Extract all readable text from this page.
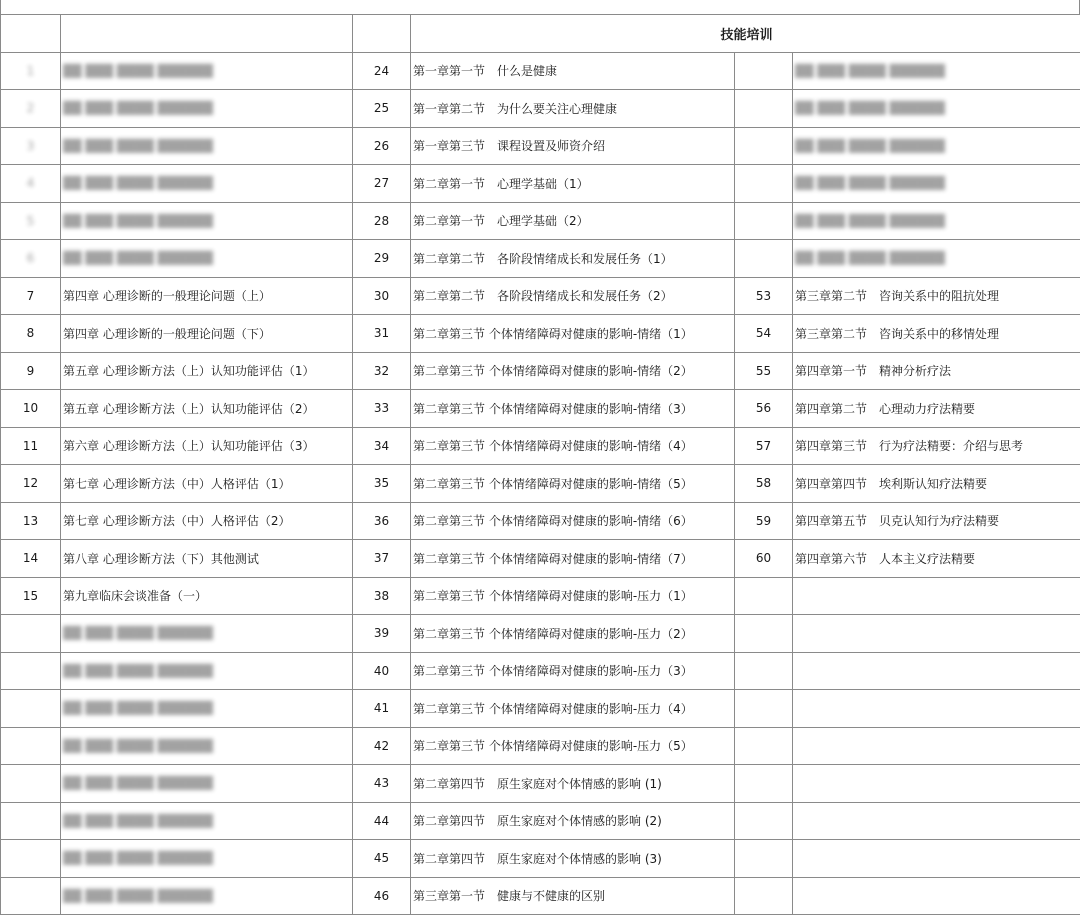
			技能培训		
1	██ ███ ████ ██████	24	第一章第一节　什么是健康		██ ███ ████ ██████
2	██ ███ ████ ██████	25	第一章第二节　为什么要关注心理健康		██ ███ ████ ██████
3	██ ███ ████ ██████	26	第一章第三节　课程设置及师资介绍		██ ███ ████ ██████
4	██ ███ ████ ██████	27	第二章第一节　心理学基础（1）		██ ███ ████ ██████
5	██ ███ ████ ██████	28	第二章第一节　心理学基础（2）		██ ███ ████ ██████
6	██ ███ ████ ██████	29	第二章第二节　各阶段情绪成长和发展任务（1）		██ ███ ████ ██████
7	第四章 心理诊断的一般理论问题（上）	30	第二章第二节　各阶段情绪成长和发展任务（2）	53	第三章第二节　咨询关系中的阻抗处理
8	第四章 心理诊断的一般理论问题（下）	31	第二章第三节 个体情绪障碍对健康的影响-情绪（1）	54	第三章第二节　咨询关系中的移情处理
9	第五章 心理诊断方法（上）认知功能评估（1）	32	第二章第三节 个体情绪障碍对健康的影响-情绪（2）	55	第四章第一节　精神分析疗法
10	第五章 心理诊断方法（上）认知功能评估（2）	33	第二章第三节 个体情绪障碍对健康的影响-情绪（3）	56	第四章第二节　心理动力疗法精要
11	第六章 心理诊断方法（上）认知功能评估（3）	34	第二章第三节 个体情绪障碍对健康的影响-情绪（4）	57	第四章第三节　行为疗法精要：介绍与思考
12	第七章 心理诊断方法（中）人格评估（1）	35	第二章第三节 个体情绪障碍对健康的影响-情绪（5）	58	第四章第四节　埃利斯认知疗法精要
13	第七章 心理诊断方法（中）人格评估（2）	36	第二章第三节 个体情绪障碍对健康的影响-情绪（6）	59	第四章第五节　贝克认知行为疗法精要
14	第八章 心理诊断方法（下）其他测试	37	第二章第三节 个体情绪障碍对健康的影响-情绪（7）	60	第四章第六节　人本主义疗法精要
15	第九章临床会谈准备（一）	38	第二章第三节 个体情绪障碍对健康的影响-压力（1）		
	██ ███ ████ ██████	39	第二章第三节 个体情绪障碍对健康的影响-压力（2）		
	██ ███ ████ ██████	40	第二章第三节 个体情绪障碍对健康的影响-压力（3）		
	██ ███ ████ ██████	41	第二章第三节 个体情绪障碍对健康的影响-压力（4）		
	██ ███ ████ ██████	42	第二章第三节 个体情绪障碍对健康的影响-压力（5）		
	██ ███ ████ ██████	43	第二章第四节　原生家庭对个体情感的影响 (1)		
	██ ███ ████ ██████	44	第二章第四节　原生家庭对个体情感的影响 (2)		
	██ ███ ████ ██████	45	第二章第四节　原生家庭对个体情感的影响 (3)		
	██ ███ ████ ██████	46	第三章第一节　健康与不健康的区别		
